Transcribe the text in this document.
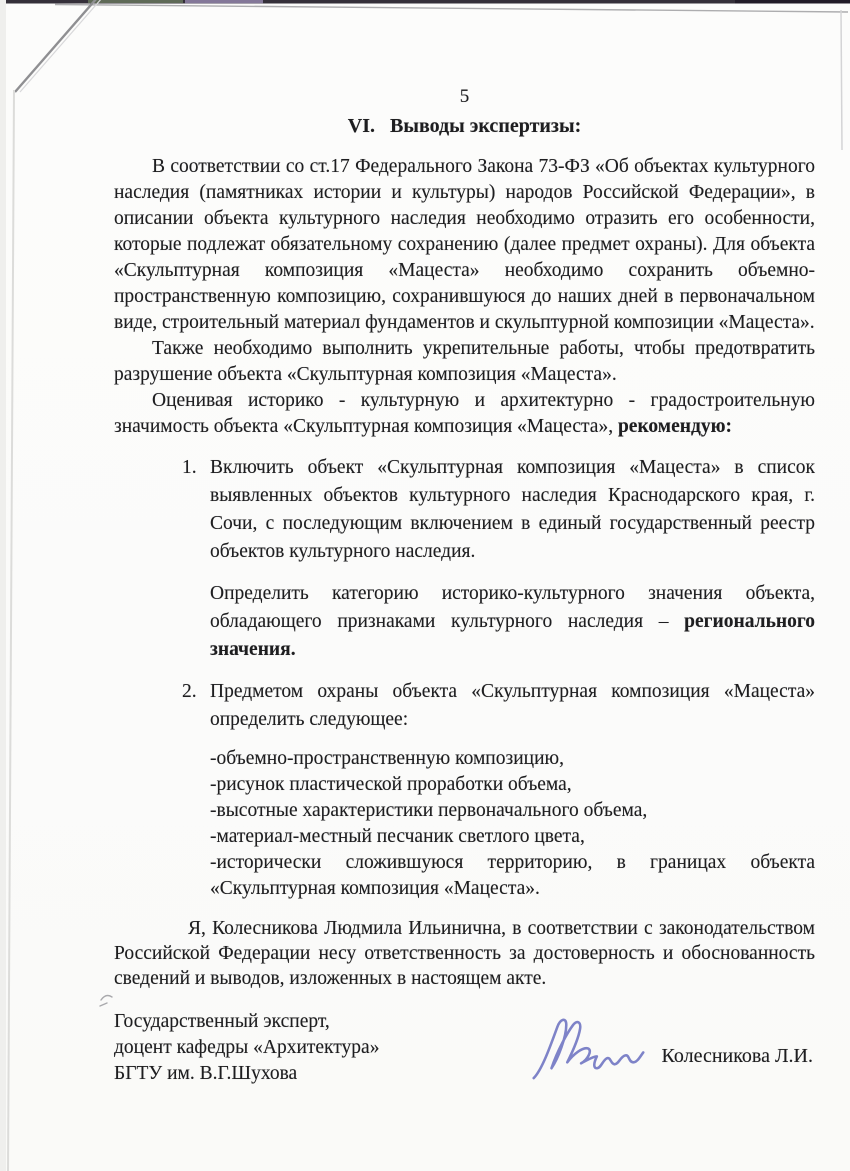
5
VI.   Выводы экспертизы:

В соответствии со ст.17 Федерального Закона 73-ФЗ «Об объектах культурного наследия (памятниках истории и культуры) народов Российской Федерации», в описании объекта культурного наследия необходимо отразить его особенности, которые подлежат обязательному сохранению (далее предмет охраны). Для объекта «Скульптурная композиция «Мацеста» необходимо сохранить объемно-пространственную композицию, сохранившуюся до наших дней в первоначальном виде, строительный материал фундаментов и скульптурной композиции «Мацеста».

Также необходимо выполнить укрепительные работы, чтобы предотвратить разрушение объекта «Скульптурная композиция «Мацеста».

Оценивая историко - культурную и архитектурно - градостроительную значимость объекта «Скульптурная композиция «Мацеста», рекомендую:

1. Включить объект «Скульптурная композиция «Мацеста» в список выявленных объектов культурного наследия Краснодарского края, г. Сочи, с последующим включением в единый государственный реестр объектов культурного наследия.
Определить категорию историко-культурного значения объекта, обладающего признаками культурного наследия – регионального значения.
2. Предметом охраны объекта «Скульптурная композиция «Мацеста» определить следующее:
-объемно-пространственную композицию,
-рисунок пластической проработки объема,
-высотные характеристики первоначального объема,
-материал-местный песчаник светлого цвета,
-исторически сложившуюся территорию, в границах объекта «Скульптурная композиция «Мацеста».

Я, Колесникова Людмила Ильинична, в соответствии с законодательством Российской Федерации несу ответственность за достоверность и обоснованность сведений и выводов, изложенных в настоящем акте.

Государственный эксперт,
доцент кафедры «Архитектура»
БГТУ им. В.Г.Шухова
Колесникова Л.И.
